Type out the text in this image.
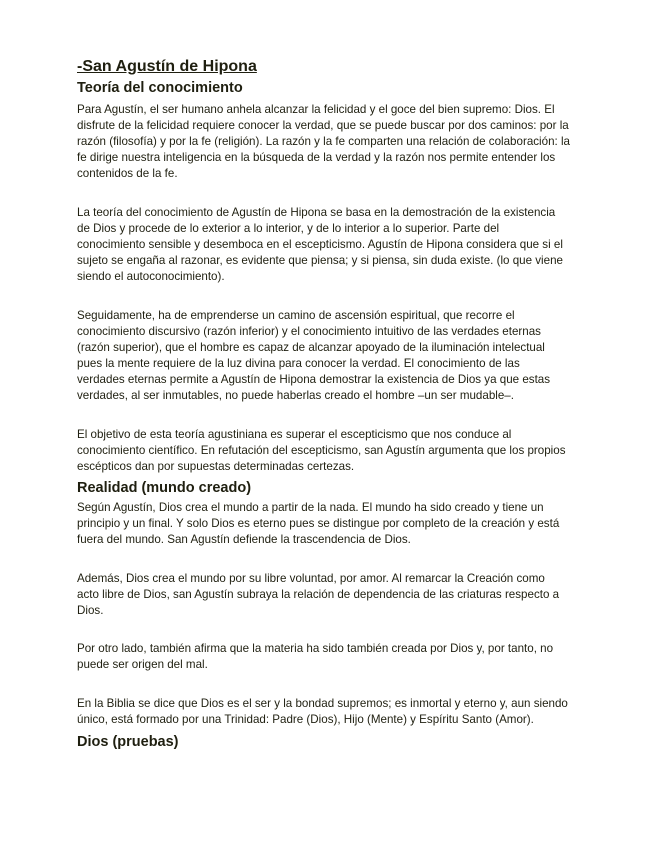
-San Agustín de Hipona
Teoría del conocimiento
Para Agustín, el ser humano anhela alcanzar la felicidad y el goce del bien supremo: Dios. El
disfrute de la felicidad requiere conocer la verdad, que se puede buscar por dos caminos: por la
razón (filosofía) y por la fe (religión). La razón y la fe comparten una relación de colaboración: la
fe dirige nuestra inteligencia en la búsqueda de la verdad y la razón nos permite entender los
contenidos de la fe.
La teoría del conocimiento de Agustín de Hipona se basa en la demostración de la existencia
de Dios y procede de lo exterior a lo interior, y de lo interior a lo superior. Parte del
conocimiento sensible y desemboca en el escepticismo. Agustín de Hipona considera que si el
sujeto se engaña al razonar, es evidente que piensa; y si piensa, sin duda existe. (lo que viene
siendo el autoconocimiento).
Seguidamente, ha de emprenderse un camino de ascensión espiritual, que recorre el
conocimiento discursivo (razón inferior) y el conocimiento intuitivo de las verdades eternas
(razón superior), que el hombre es capaz de alcanzar apoyado de la iluminación intelectual
pues la mente requiere de la luz divina para conocer la verdad. El conocimiento de las
verdades eternas permite a Agustín de Hipona demostrar la existencia de Dios ya que estas
verdades, al ser inmutables, no puede haberlas creado el hombre –un ser mudable–.
El objetivo de esta teoría agustiniana es superar el escepticismo que nos conduce al
conocimiento científico. En refutación del escepticismo, san Agustín argumenta que los propios
escépticos dan por supuestas determinadas certezas.
Realidad (mundo creado)
Según Agustín, Dios crea el mundo a partir de la nada. El mundo ha sido creado y tiene un
principio y un final. Y solo Dios es eterno pues se distingue por completo de la creación y está
fuera del mundo. San Agustín defiende la trascendencia de Dios.
Además, Dios crea el mundo por su libre voluntad, por amor. Al remarcar la Creación como
acto libre de Dios, san Agustín subraya la relación de dependencia de las criaturas respecto a
Dios.
Por otro lado, también afirma que la materia ha sido también creada por Dios y, por tanto, no
puede ser origen del mal.
En la Biblia se dice que Dios es el ser y la bondad supremos; es inmortal y eterno y, aun siendo
único, está formado por una Trinidad: Padre (Dios), Hijo (Mente) y Espíritu Santo (Amor).
Dios (pruebas)
